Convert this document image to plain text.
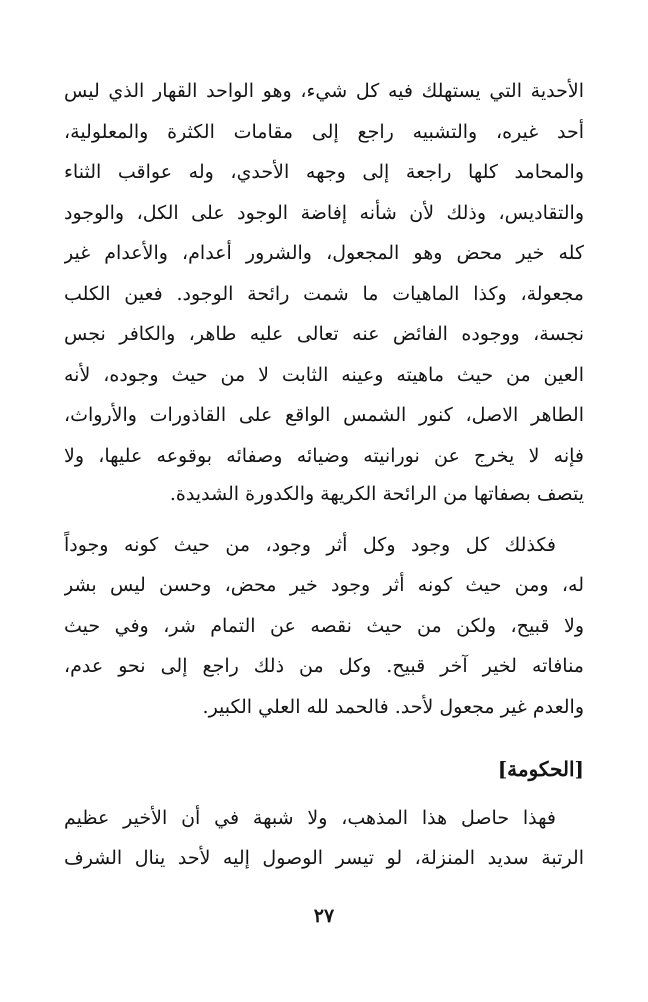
الأحدية التي يستهلك فيه كل شيء، وهو الواحد القهار الذي ليس
أحد غيره، والتشبيه راجع إلى مقامات الكثرة والمعلولية،
والمحامد كلها راجعة إلى وجهه الأحدي، وله عواقب الثناء
والتقاديس، وذلك لأن شأنه إفاضة الوجود على الكل، والوجود
كله خير محض وهو المجعول، والشرور أعدام، والأعدام غير
مجعولة، وكذا الماهيات ما شمت رائحة الوجود. فعين الكلب
نجسة، ووجوده الفائض عنه تعالى عليه طاهر، والكافر نجس
العين من حيث ماهيته وعينه الثابت لا من حيث وجوده، لأنه
الطاهر الاصل، كنور الشمس الواقع على القاذورات والأرواث،
فإنه لا يخرج عن نورانيته وضيائه وصفائه بوقوعه عليها، ولا
يتصف بصفاتها من الرائحة الكريهة والكدورة الشديدة.
فكذلك كل وجود وكل أثر وجود، من حيث كونه وجوداً
له، ومن حيث كونه أثر وجود خير محض، وحسن ليس بشر
ولا قبيح، ولكن من حيث نقصه عن التمام شر، وفي حيث
منافاته لخير آخر قبيح. وكل من ذلك راجع إلى نحو عدم،
والعدم غير مجعول لأحد. فالحمد لله العلي الكبير.
[الحكومة]
فهذا حاصل هذا المذهب، ولا شبهة في أن الأخير عظيم
الرتبة سديد المنزلة، لو تيسر الوصول إليه لأحد ينال الشرف
٢٧
